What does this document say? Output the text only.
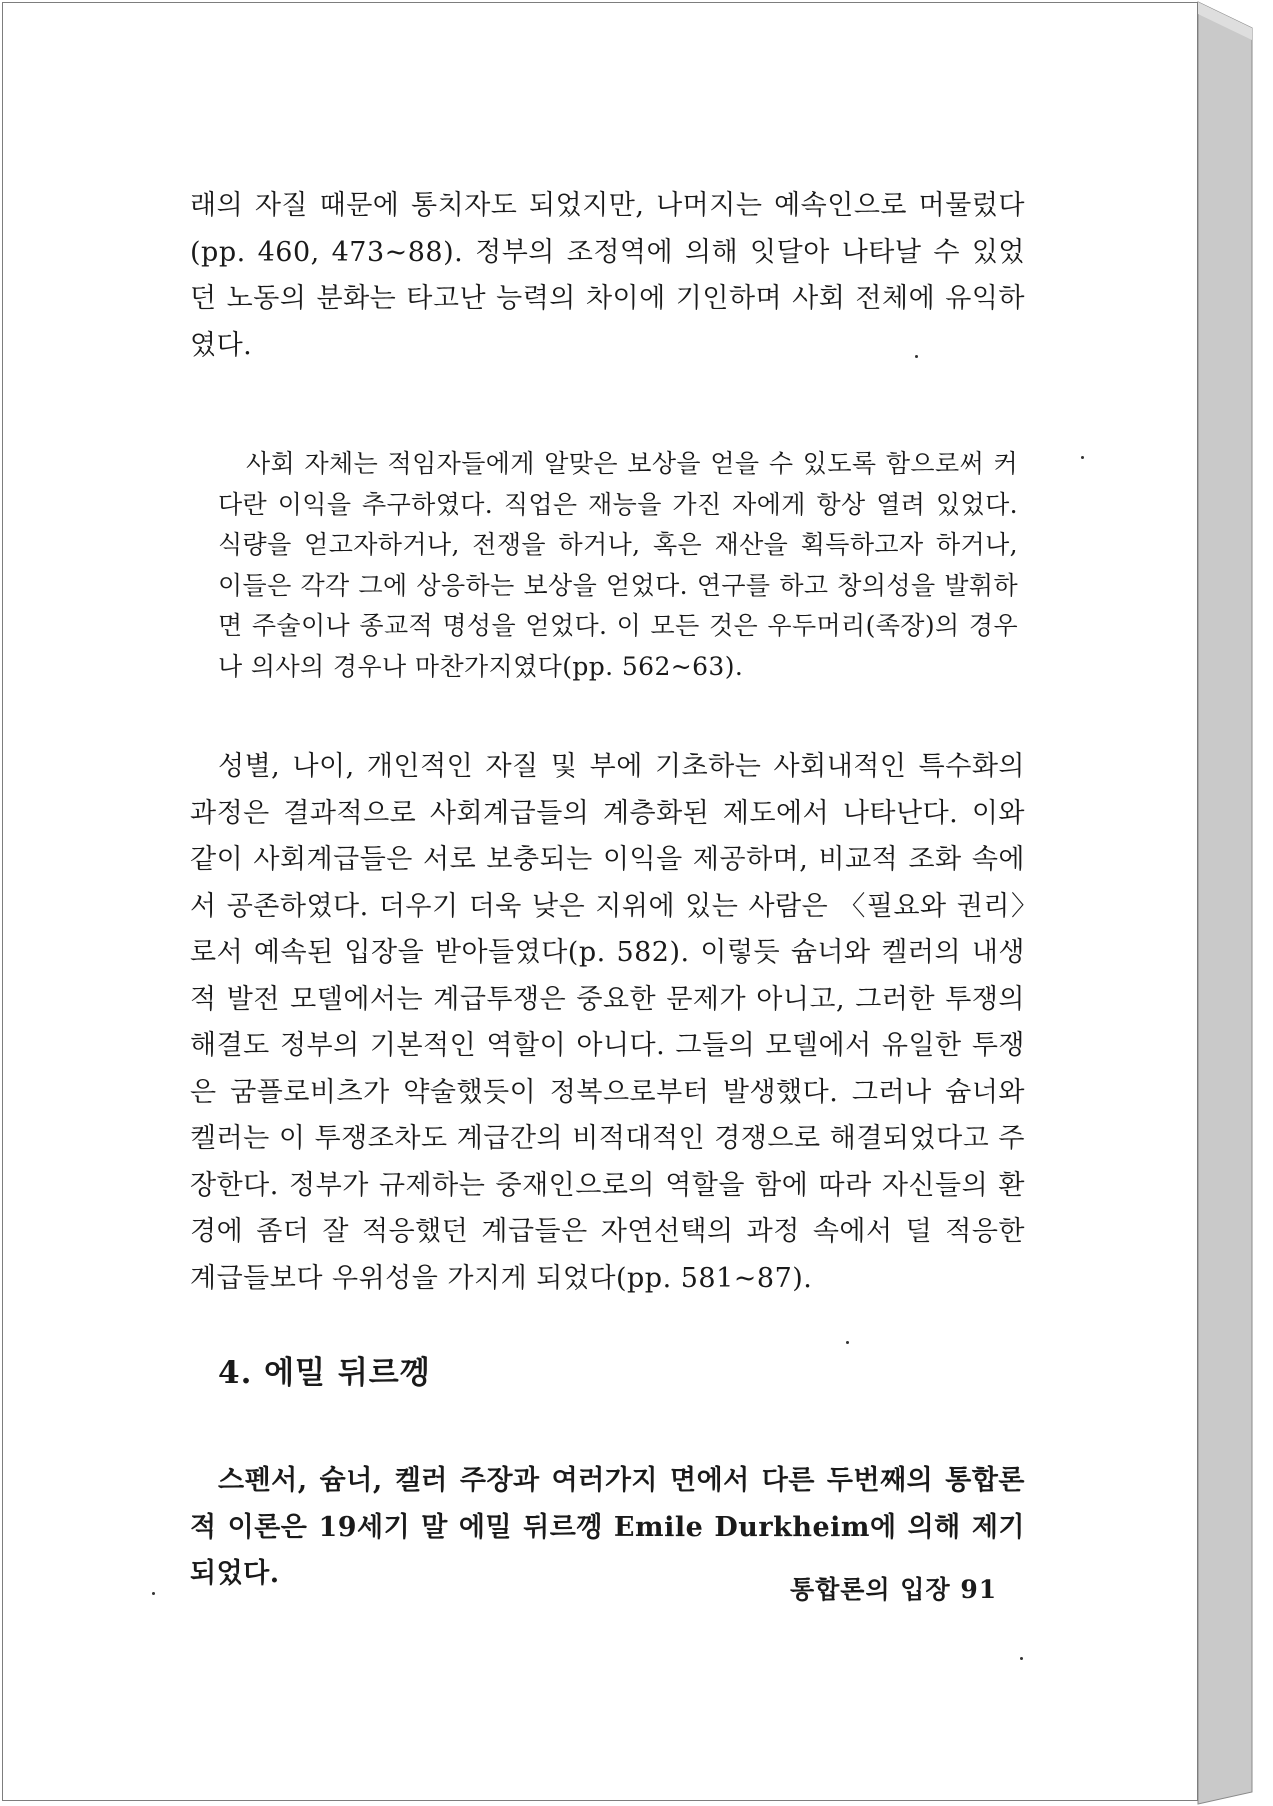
래의 자질 때문에 통치자도 되었지만, 나머지는 예속인으로 머물렀다(pp. 460, 473~88). 정부의 조정역에 의해 잇달아 나타날 수 있었던 노동의 분화는 타고난 능력의 차이에 기인하며 사회 전체에 유익하였다.

사회 자체는 적임자들에게 알맞은 보상을 얻을 수 있도록 함으로써 커다란 이익을 추구하였다. 직업은 재능을 가진 자에게 항상 열려 있었다. 식량을 얻고자하거나, 전쟁을 하거나, 혹은 재산을 획득하고자 하거나, 이들은 각각 그에 상응하는 보상을 얻었다. 연구를 하고 창의성을 발휘하면 주술이나 종교적 명성을 얻었다. 이 모든 것은 우두머리(족장)의 경우나 의사의 경우나 마찬가지였다(pp. 562~63).

성별, 나이, 개인적인 자질 및 부에 기초하는 사회내적인 특수화의 과정은 결과적으로 사회계급들의 계층화된 제도에서 나타난다. 이와 같이 사회계급들은 서로 보충되는 이익을 제공하며, 비교적 조화 속에서 공존하였다. 더우기 더욱 낮은 지위에 있는 사람은 〈필요와 권리〉로서 예속된 입장을 받아들였다(p. 582). 이렇듯 슘너와 켈러의 내생적 발전 모델에서는 계급투쟁은 중요한 문제가 아니고, 그러한 투쟁의 해결도 정부의 기본적인 역할이 아니다. 그들의 모델에서 유일한 투쟁은 굼플로비츠가 약술했듯이 정복으로부터 발생했다. 그러나 슘너와 켈러는 이 투쟁조차도 계급간의 비적대적인 경쟁으로 해결되었다고 주장한다. 정부가 규제하는 중재인으로의 역할을 함에 따라 자신들의 환경에 좀더 잘 적응했던 계급들은 자연선택의 과정 속에서 덜 적응한 계급들보다 우위성을 가지게 되었다(pp. 581~87).

4. 에밀 뒤르껭

스펜서, 슘너, 켈러 주장과 여러가지 면에서 다른 두번째의 통합론적 이론은 19세기 말 에밀 뒤르껭 Emile Durkheim에 의해 제기되었다.

통합론의 입장 91
